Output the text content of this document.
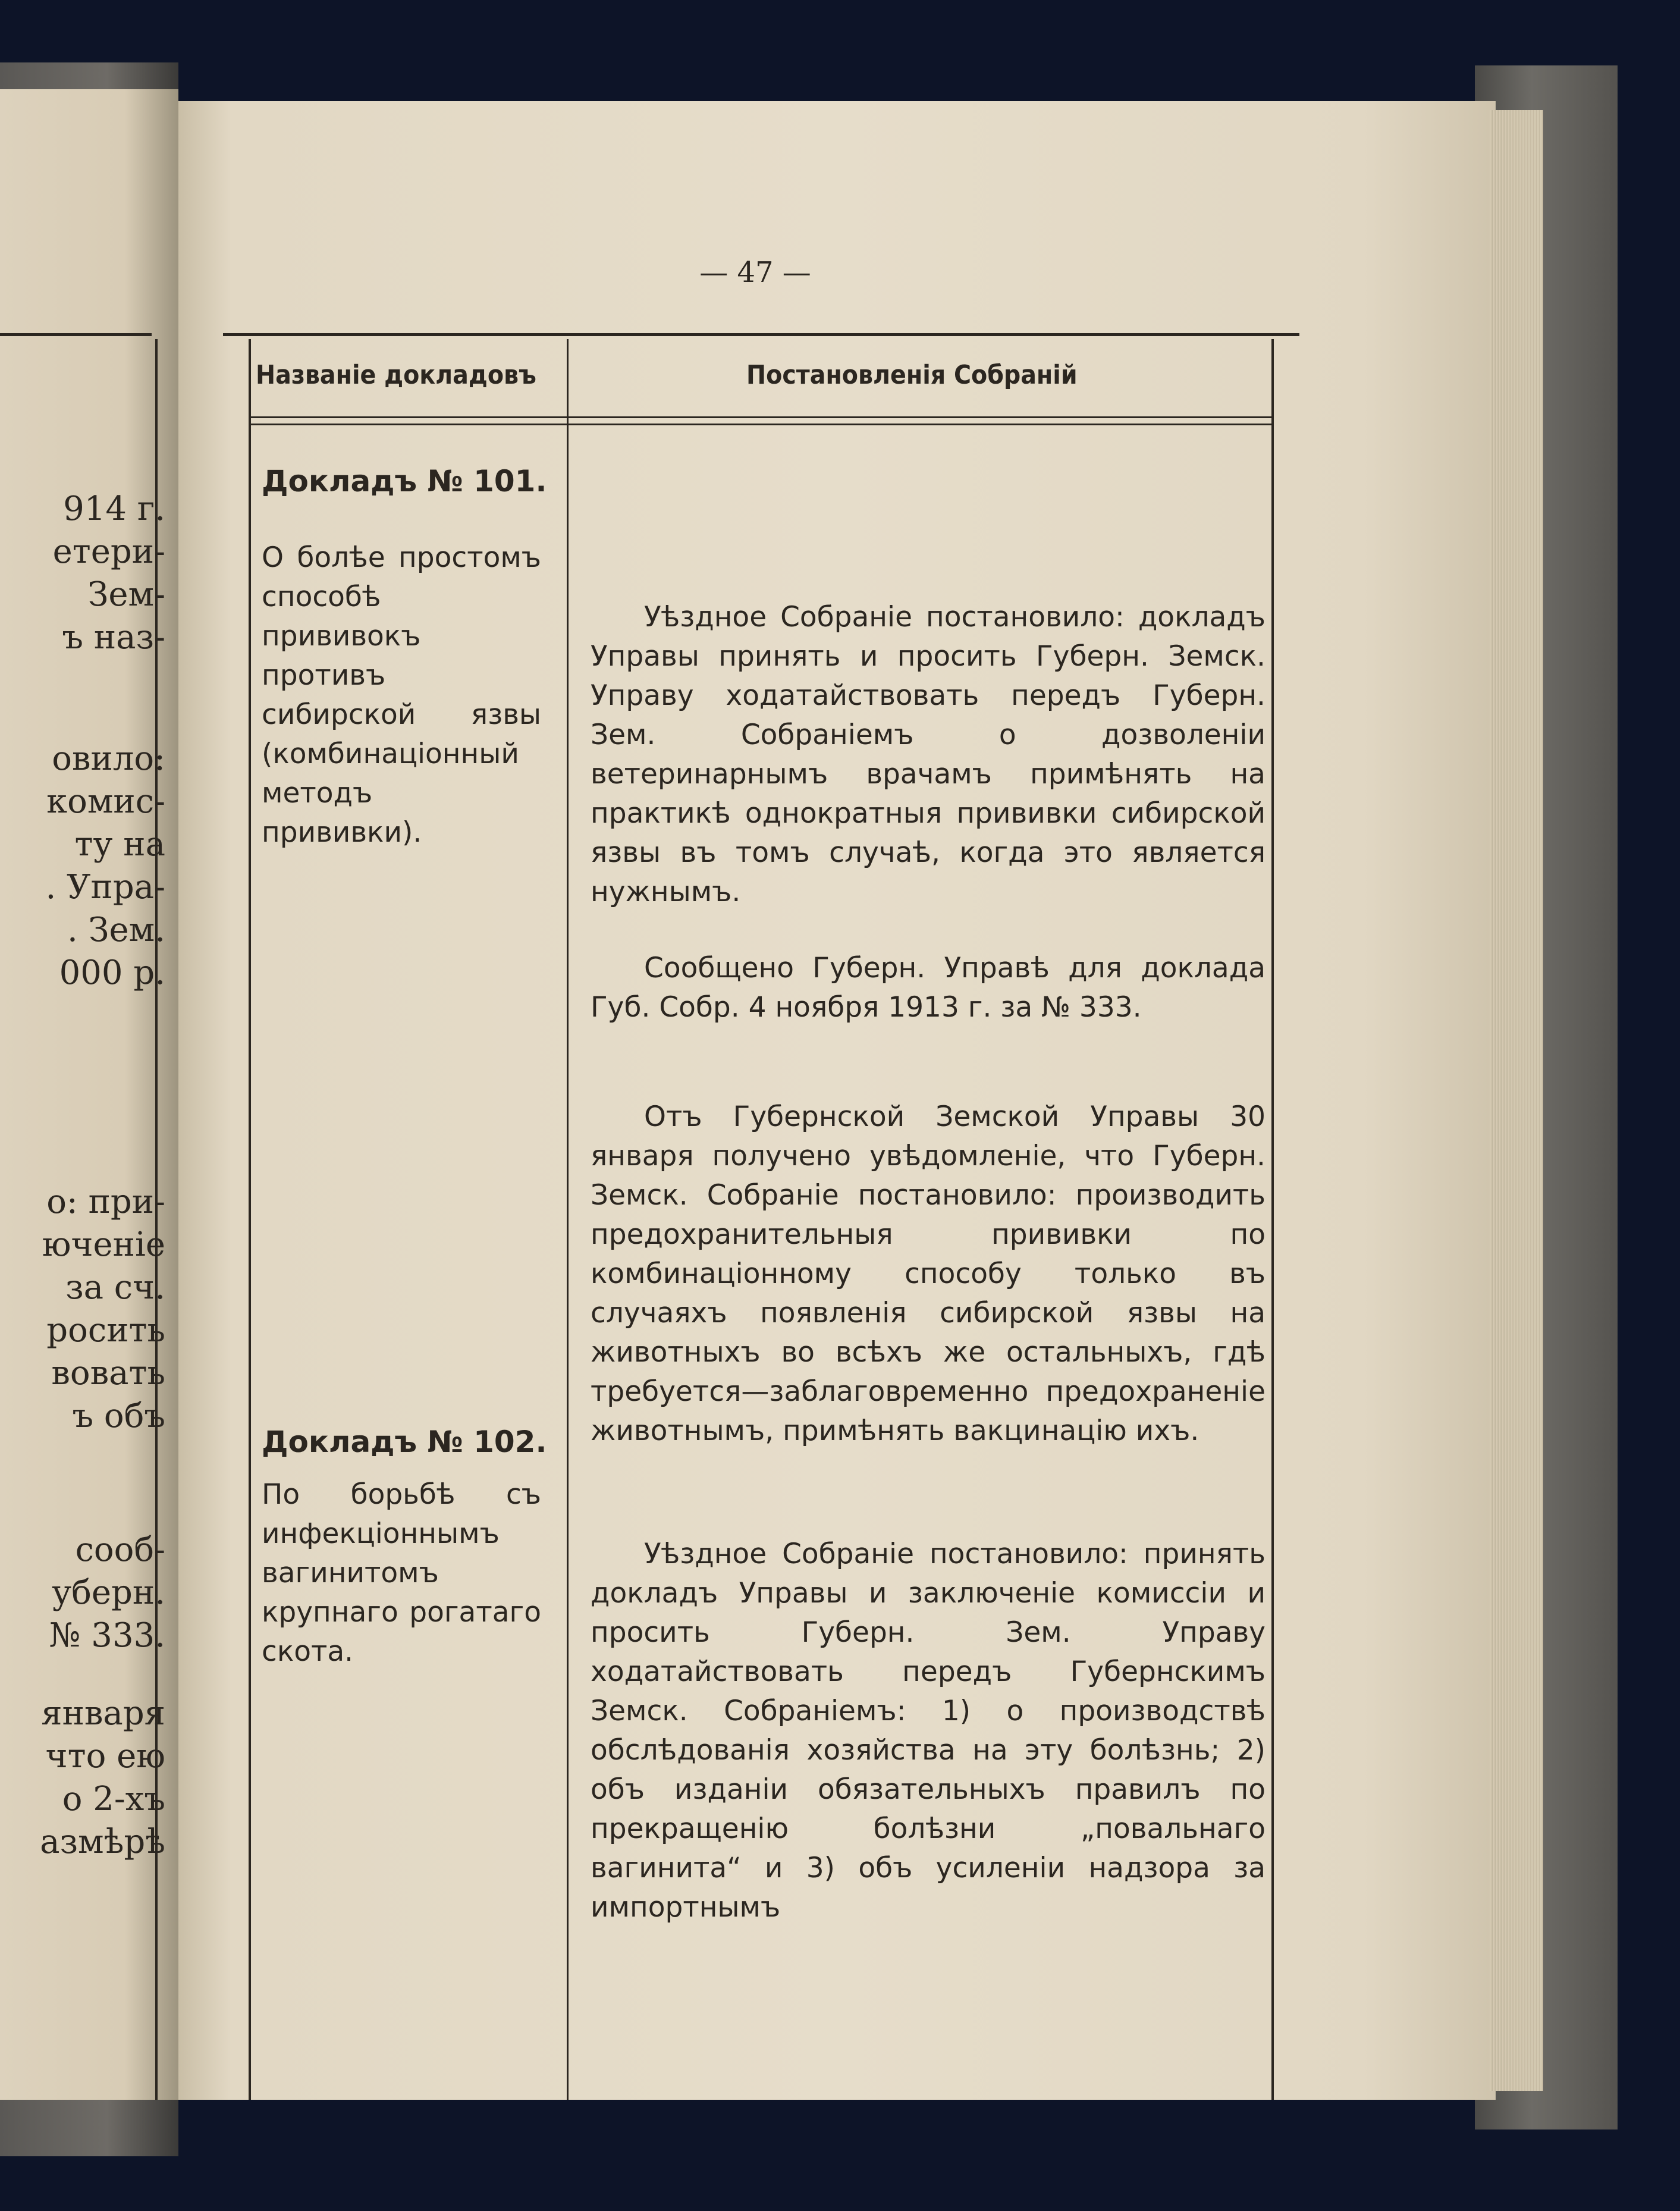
914 г.
етери-
Зем-
ъ наз-
овило:
комис-
ту на
. Упра-
. Зем.
000 р.
о: при-
юченіе
за сч.
росить
вовать
ъ объ
сооб-
уберн.
№ 333.
января
что ею
о 2-хъ
азмѣрѣ
— 47 —
Названіе докладовъ	Постановленія Собраній
Докладъ № 101.
О болѣе простомъ способѣ прививокъ противъ сибирской язвы (комбинаціонный методъ прививки).
Уѣздное Собраніе постановило: докладъ Управы принять и просить Губерн. Земск. Управу ходатайствовать передъ Губерн. Зем. Собраніемъ о дозволеніи ветеринарнымъ врачамъ примѣнять на практикѣ однократныя прививки сибирской язвы въ томъ случаѣ, когда это является нужнымъ.
Сообщено Губерн. Управѣ для доклада Губ. Собр. 4 ноября 1913 г. за № 333.
Отъ Губернской Земской Управы 30 января получено увѣдомленіе, что Губерн. Земск. Собраніе постановило: производить предохранительныя прививки по комбинаціонному способу только въ случаяхъ появленія сибирской язвы на животныхъ во всѣхъ же остальныхъ, гдѣ требуется—заблаговременно предохраненіе животнымъ, примѣнять вакцинацію ихъ.
Докладъ № 102.
По борьбѣ съ инфекціоннымъ вагинитомъ крупнаго рогатаго скота.
Уѣздное Собраніе постановило: принять докладъ Управы и заключеніе комиссіи и просить Губерн. Зем. Управу ходатайствовать передъ Губернскимъ Земск. Собраніемъ: 1) о производствѣ обслѣдованія хозяйства на эту болѣзнь; 2) объ изданіи обязательныхъ правилъ по прекращенію болѣзни „повальнаго вагинита“ и 3) объ усиленіи надзора за импортнымъ
